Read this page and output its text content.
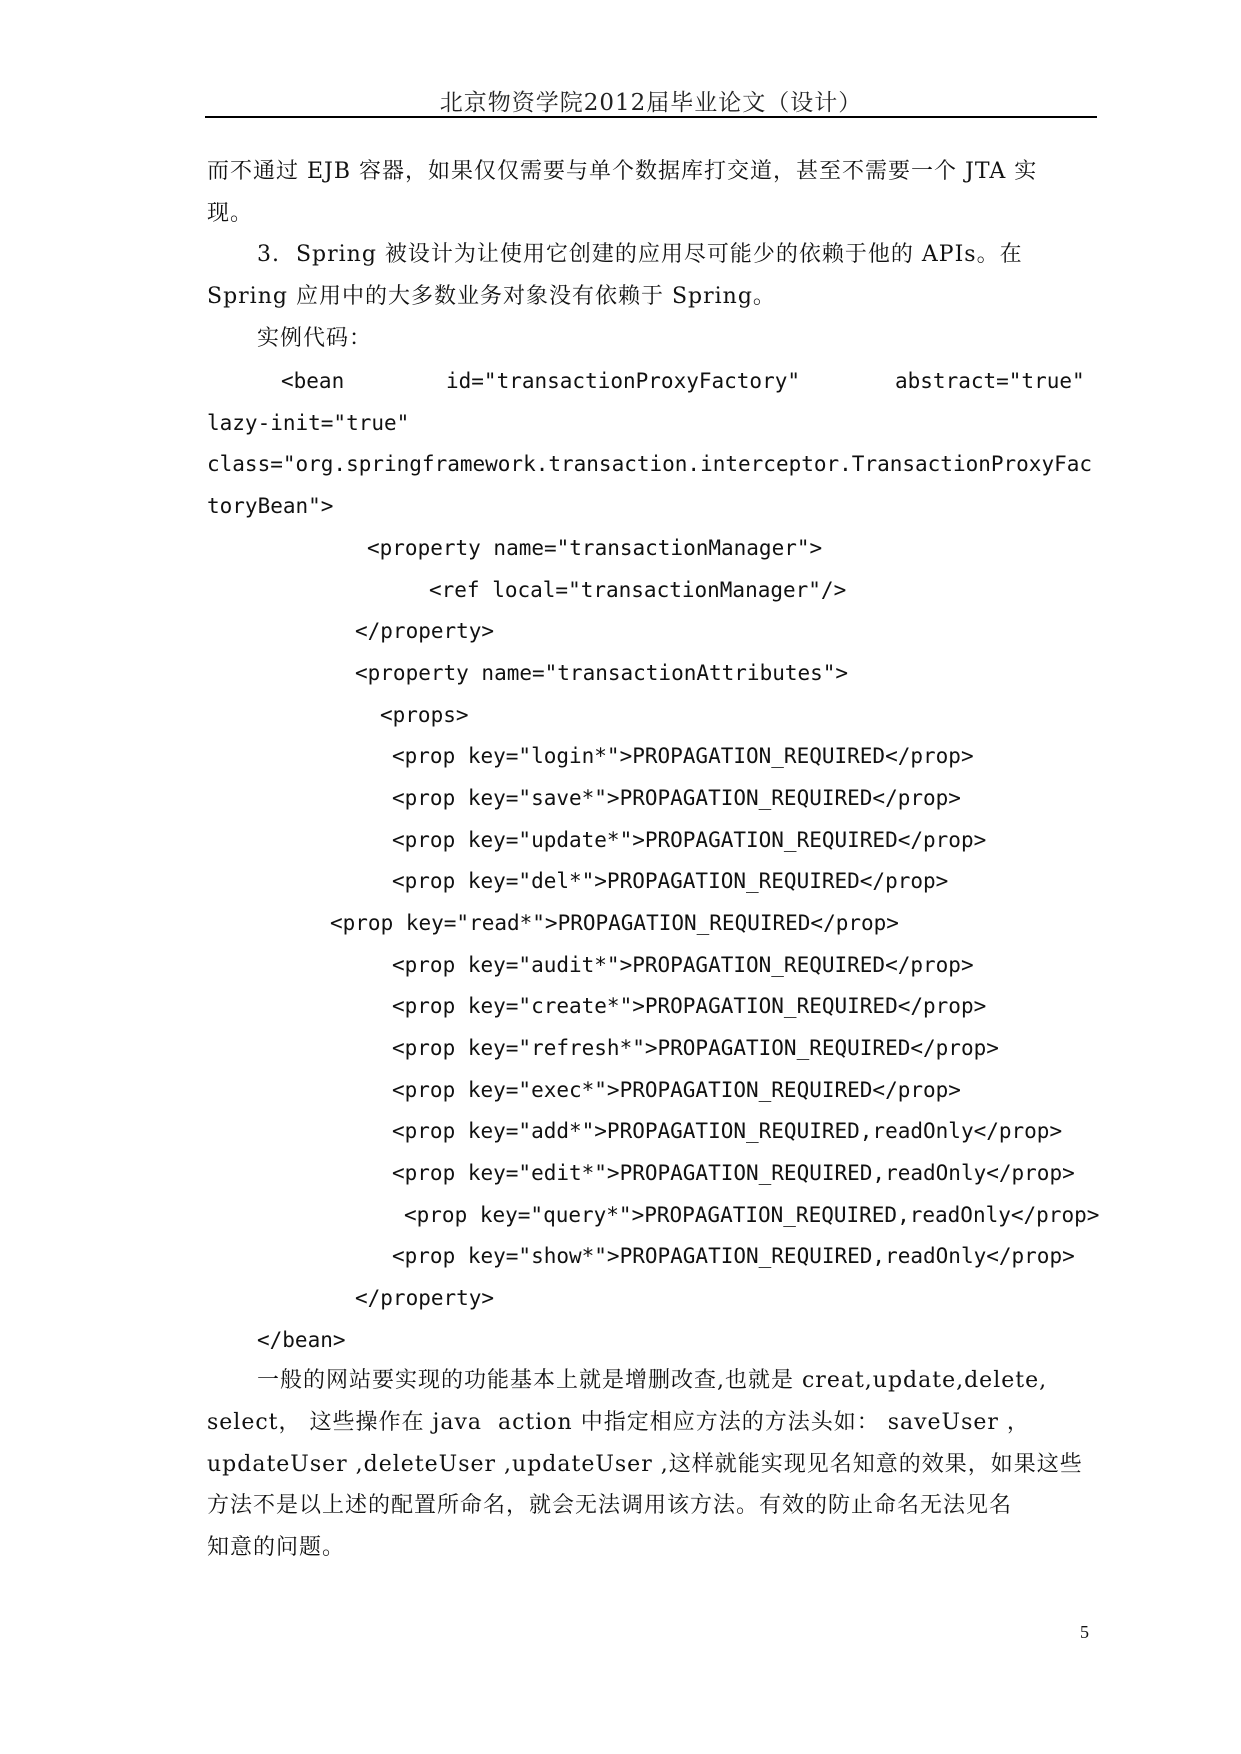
北京物资学院2012届毕业论文（设计）
而不通过 EJB 容器，如果仅仅需要与单个数据库打交道，甚至不需要一个 JTA 实
现。
3.  Spring 被设计为让使用它创建的应用尽可能少的依赖于他的 APIs。在
Spring 应用中的大多数业务对象没有依赖于 Spring。
实例代码：
<bean	id="transactionProxyFactory"	abstract="true"
lazy-init="true"
class="org.springframework.transaction.interceptor.TransactionProxyFac
toryBean">
<property name="transactionManager">
<ref local="transactionManager"/>
</property>
<property name="transactionAttributes">
<props>
<prop key="login*">PROPAGATION_REQUIRED</prop>
<prop key="save*">PROPAGATION_REQUIRED</prop>
<prop key="update*">PROPAGATION_REQUIRED</prop>
<prop key="del*">PROPAGATION_REQUIRED</prop>
<prop key="read*">PROPAGATION_REQUIRED</prop>
<prop key="audit*">PROPAGATION_REQUIRED</prop>
<prop key="create*">PROPAGATION_REQUIRED</prop>
<prop key="refresh*">PROPAGATION_REQUIRED</prop>
<prop key="exec*">PROPAGATION_REQUIRED</prop>
<prop key="add*">PROPAGATION_REQUIRED,readOnly</prop>
<prop key="edit*">PROPAGATION_REQUIRED,readOnly</prop>
<prop key="query*">PROPAGATION_REQUIRED,readOnly</prop>
<prop key="show*">PROPAGATION_REQUIRED,readOnly</prop>
</property>
</bean>
一般的网站要实现的功能基本上就是增删改查,也就是 creat,update,delete,
select， 这些操作在 java  action 中指定相应方法的方法头如： saveUser ，
updateUser ,deleteUser ,updateUser ,这样就能实现见名知意的效果，如果这些
方法不是以上述的配置所命名，就会无法调用该方法。有效的防止命名无法见名
知意的问题。
5
